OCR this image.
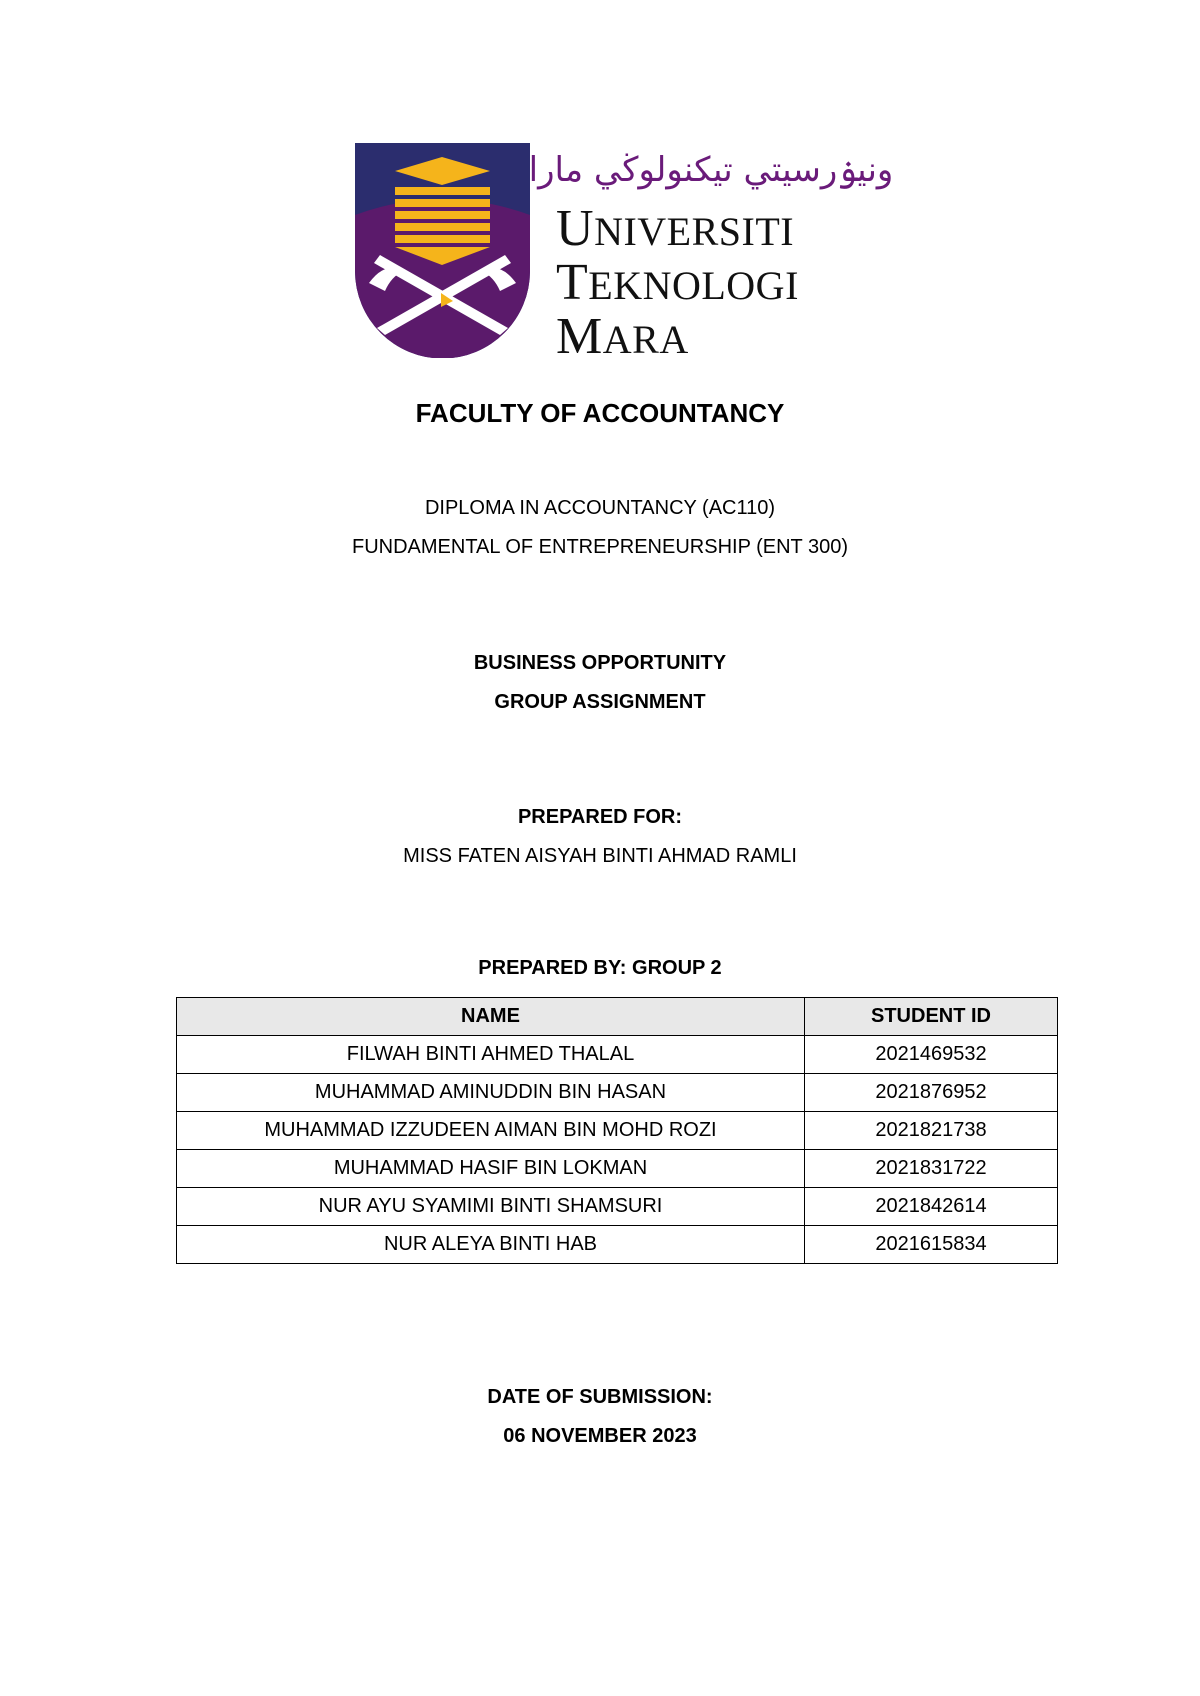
ونيۏرسيتي تيكنولوڬي مارا
UNIVERSITI
TEKNOLOGI
MARA
FACULTY OF ACCOUNTANCY
DIPLOMA IN ACCOUNTANCY (AC110)
FUNDAMENTAL OF ENTREPRENEURSHIP (ENT 300)
BUSINESS OPPORTUNITY
GROUP ASSIGNMENT
PREPARED FOR:
MISS FATEN AISYAH BINTI AHMAD RAMLI
PREPARED BY: GROUP 2
NAME	STUDENT ID
FILWAH BINTI AHMED THALAL	2021469532
MUHAMMAD AMINUDDIN BIN HASAN	2021876952
MUHAMMAD IZZUDEEN AIMAN BIN MOHD ROZI	2021821738
MUHAMMAD HASIF BIN LOKMAN	2021831722
NUR AYU SYAMIMI BINTI SHAMSURI	2021842614
NUR ALEYA BINTI HAB	2021615834
DATE OF SUBMISSION:
06 NOVEMBER 2023
